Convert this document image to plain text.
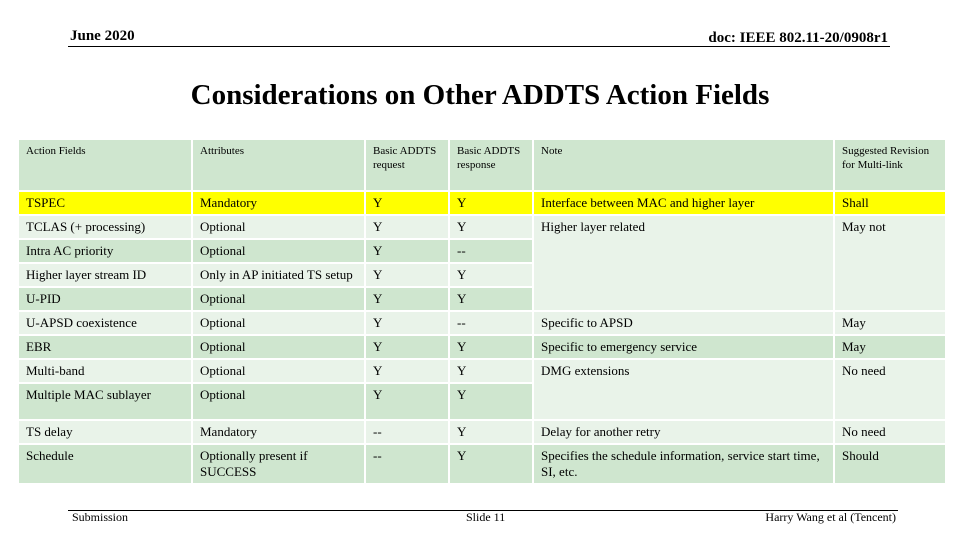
June 2020	doc: IEEE 802.11-20/0908r1
Considerations on Other ADDTS Action Fields
Action Fields	Attributes	Basic ADDTS request	Basic ADDTS response	Note	Suggested Revision for Multi-link
TSPEC	Mandatory	Y	Y	Interface between MAC and higher layer	Shall
TCLAS (+ processing)	Optional	Y	Y	Higher layer related	May not
Intra AC priority	Optional	Y	--		
Higher layer stream ID	Only in AP initiated TS setup	Y	Y		
U-PID	Optional	Y	Y		
U-APSD coexistence	Optional	Y	--	Specific to APSD	May
EBR	Optional	Y	Y	Specific to emergency service	May
Multi-band	Optional	Y	Y	DMG extensions	No need
Multiple MAC sublayer	Optional	Y	Y		
TS delay	Mandatory	--	Y	Delay for another retry	No need
Schedule	Optionally present if SUCCESS	--	Y	Specifies the schedule information, service start time, SI, etc.	Should
Submission	Slide 11	Harry Wang et al (Tencent)
